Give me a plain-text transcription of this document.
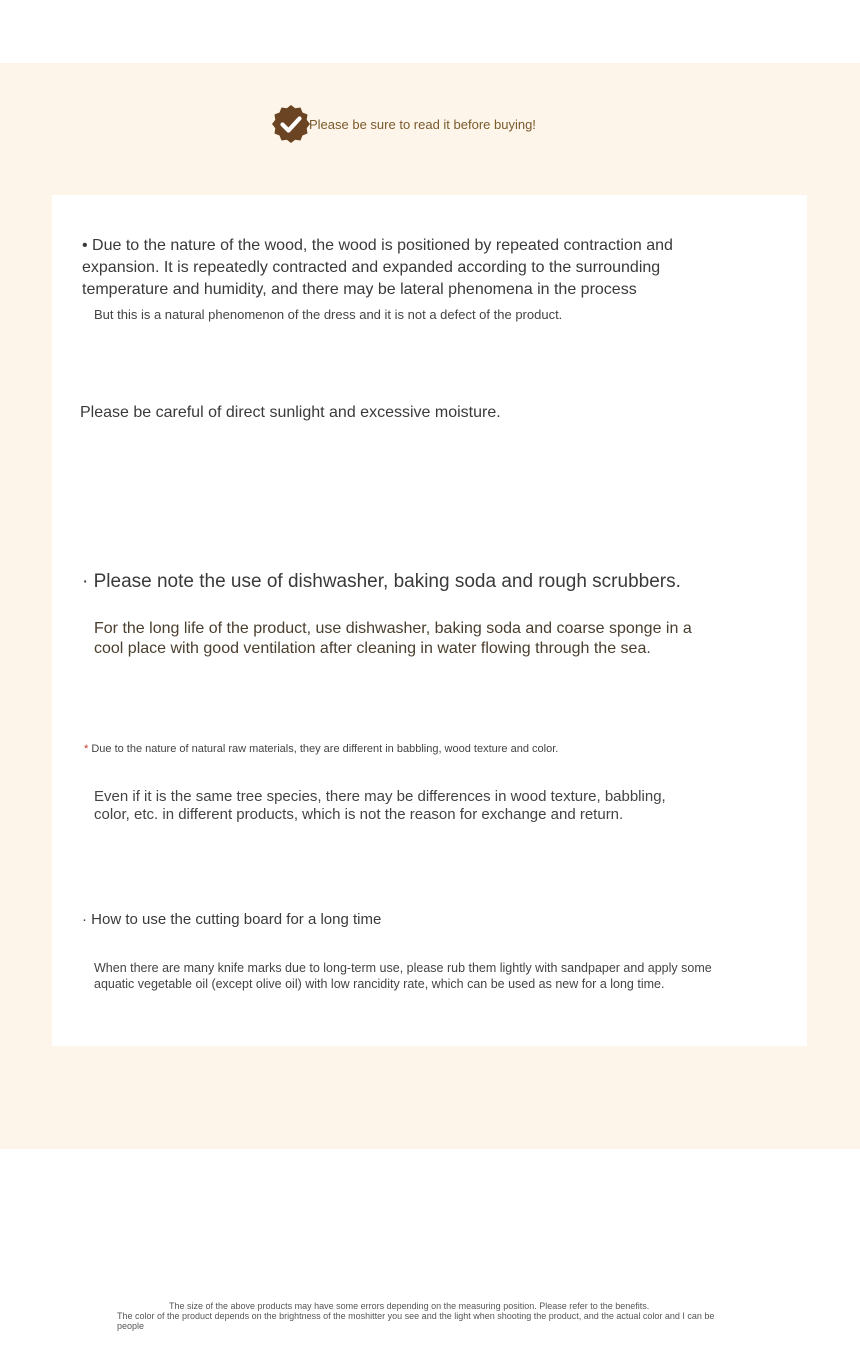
Please be sure to read it before buying!

• Due to the nature of the wood, the wood is positioned by repeated contraction and expansion. It is repeatedly contracted and expanded according to the surrounding temperature and humidity, and there may be lateral phenomena in the process

But this is a natural phenomenon of the dress and it is not a defect of the product.

Please be careful of direct sunlight and excessive moisture.

· Please note the use of dishwasher, baking soda and rough scrubbers.

For the long life of the product, use dishwasher, baking soda and coarse sponge in a cool place with good ventilation after cleaning in water flowing through the sea.

* Due to the nature of natural raw materials, they are different in babbling, wood texture and color.

Even if it is the same tree species, there may be differences in wood texture, babbling, color, etc. in different products, which is not the reason for exchange and return.

· How to use the cutting board for a long time

When there are many knife marks due to long-term use, please rub them lightly with sandpaper and apply some aquatic vegetable oil (except olive oil) with low rancidity rate, which can be used as new for a long time.

The size of the above products may have some errors depending on the measuring position. Please refer to the benefits.
The color of the product depends on the brightness of the moshitter you see and the light when shooting the product, and the actual color and I can be people
